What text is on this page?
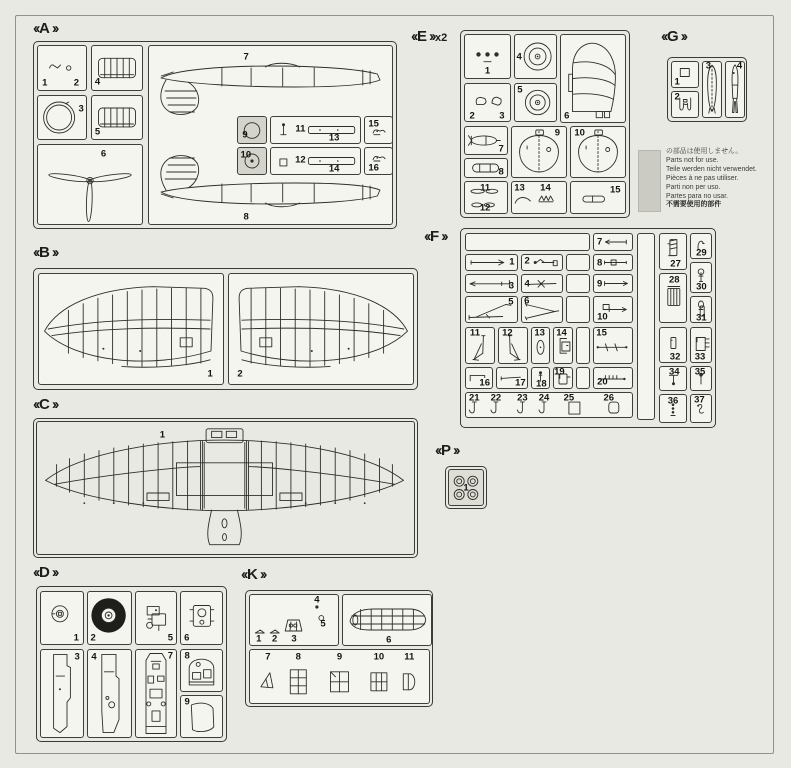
の部品は使用しません。
Parts not for use.
Teile werden nicht verwendet.
Pièces à ne pas utiliser.
Parti non per uso.
Partes para no usar.
不需要使用的部件
‹‹A ››
1	2 4
3
5
6
7
8
9	11
13
15
10
12
14	16
‹‹B ››
1	2
‹‹C ››
1
‹‹D ››
1 2	5 6
3 4	7 8
9
‹‹E ››x2
1
4
6
2	3
5
7
8
9 10
11
12
13 14	15
‹‹F ››	7
1 2	8
3 4	9
5 6
10
11 12 13 14	15
16	17 18
19
20
21 22 23 24 25	26
27
28
32
34
36
29
30
31
33
35
37
‹‹G ››
1
2
3	4
‹‹P ››
1
‹‹K ››
1 2 3
4
5
6
7	8	9	10 11
